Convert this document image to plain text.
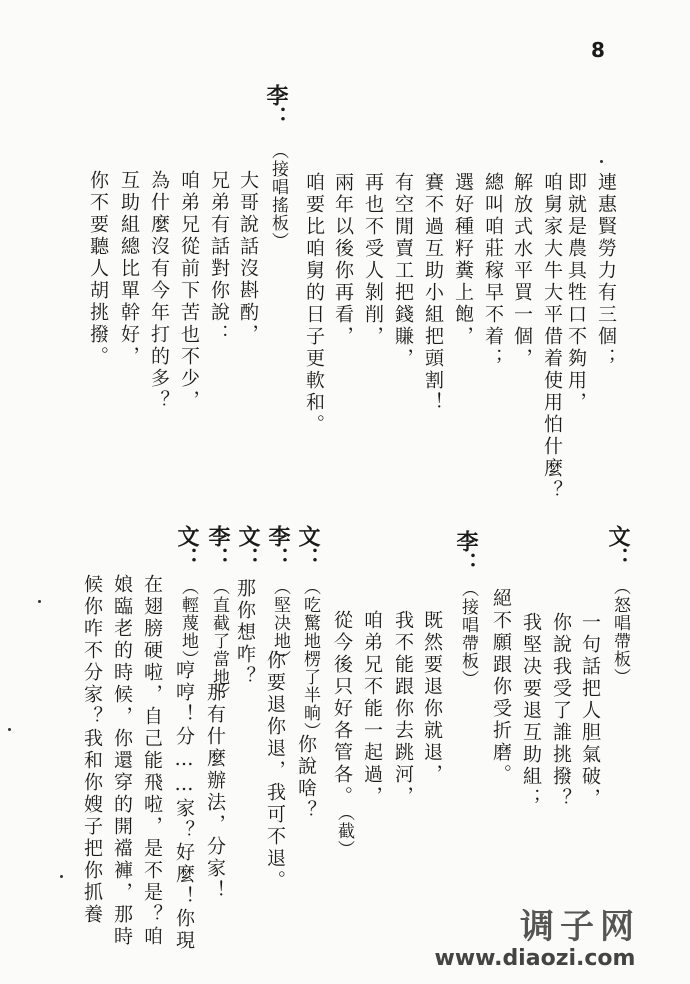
8
連惠賢勞力有三個；
即就是農具牲口不夠用，
咱舅家大牛大平借着使用怕什麼？
解放式水平買一個，
總叫咱莊稼早不着；
選好種籽糞上飽，
賽不過互助小組把頭割！
有空閒賣工把錢賺，
再也不受人剝削，
兩年以後你再看，
咱要比咱舅的日子更軟和。
李：
（接唱搖板）
大哥說話沒斟酌，
兄弟有話對你說：
咱弟兄從前下苦也不少，
為什麼沒有今年打的多？
互助組總比單幹好，
你不要聽人胡挑撥。
文：
（怒唱帶板）
一句話把人胆氣破，
你說我受了誰挑撥？
我堅决要退互助組；
絕不願跟你受折磨。
李：
（接唱帶板）
既然要退你就退，
我不能跟你去跳河，
咱弟兄不能一起過，
從今後只好各管各。
（截）
文：
（吃驚地楞了半晌）
你說啥？
李：
（堅决地）
你要退你退，我可不退。
文：
那你想咋？
李：
（直截了當地）
那有什麼辦法，分家！
文：
（輕蔑地）
哼哼！分……家？好麼！你現
在翅膀硬啦，自己能飛啦，是不是？咱
娘臨老的時候，你還穿的開襠褲，那時
候你咋不分家？我和你嫂子把你抓養
调子网
www.diaozi.com
